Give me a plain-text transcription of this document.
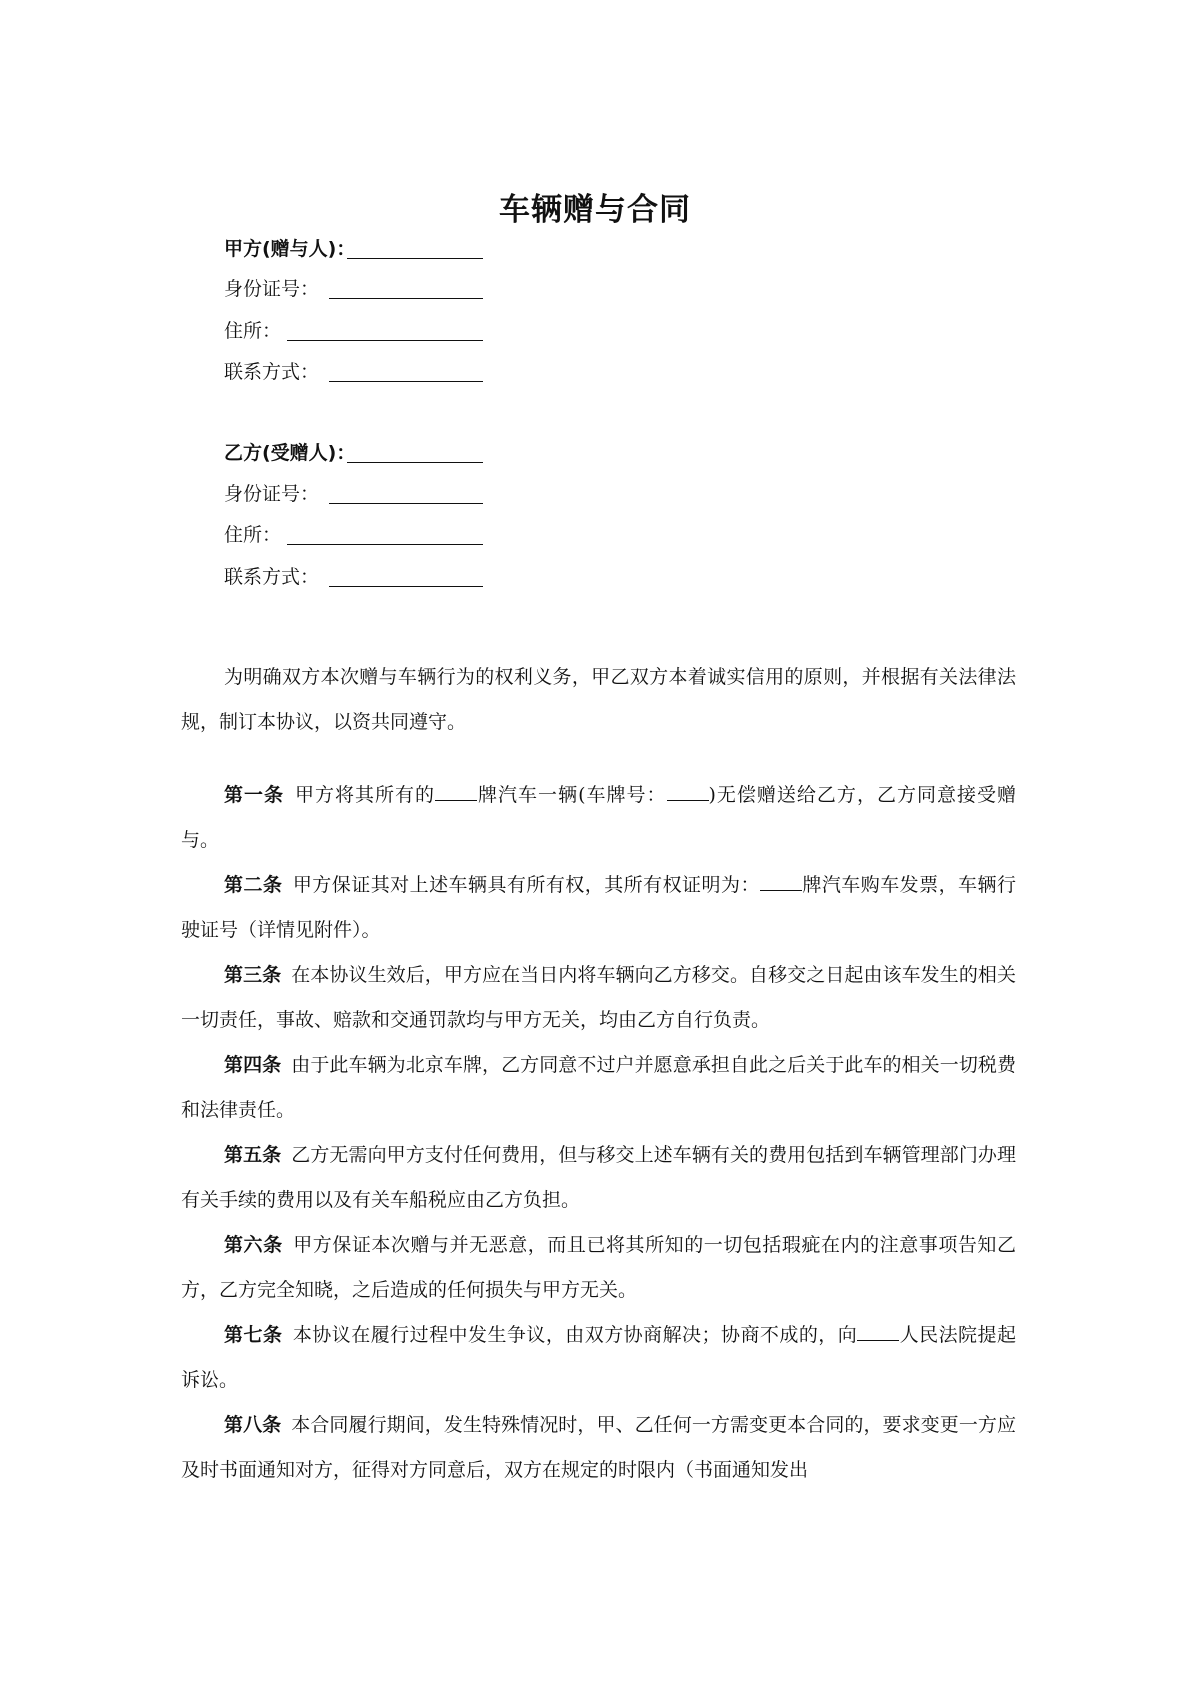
车辆赠与合同
甲方(赠与人)：
身份证号：
住所：
联系方式：
乙方(受赠人)：
身份证号：
住所：
联系方式：
为明确双方本次赠与车辆行为的权利义务，甲乙双方本着诚实信用的原则，并根据有关法律法规，制订本协议，以资共同遵守。
第一条 甲方将其所有的 牌汽车一辆(车牌号： )无偿赠送给乙方，乙方同意接受赠与。
第二条 甲方保证其对上述车辆具有所有权，其所有权证明为： 牌汽车购车发票，车辆行驶证号（详情见附件）。
第三条 在本协议生效后，甲方应在当日内将车辆向乙方移交。自移交之日起由该车发生的相关一切责任，事故、赔款和交通罚款均与甲方无关，均由乙方自行负责。
第四条 由于此车辆为北京车牌，乙方同意不过户并愿意承担自此之后关于此车的相关一切税费和法律责任。
第五条 乙方无需向甲方支付任何费用，但与移交上述车辆有关的费用包括到车辆管理部门办理有关手续的费用以及有关车船税应由乙方负担。
第六条 甲方保证本次赠与并无恶意，而且已将其所知的一切包括瑕疵在内的注意事项告知乙方，乙方完全知晓，之后造成的任何损失与甲方无关。
第七条 本协议在履行过程中发生争议，由双方协商解决；协商不成的，向 人民法院提起诉讼。
第八条 本合同履行期间，发生特殊情况时，甲、乙任何一方需变更本合同的，要求变更一方应及时书面通知对方，征得对方同意后，双方在规定的时限内（书面通知发出
